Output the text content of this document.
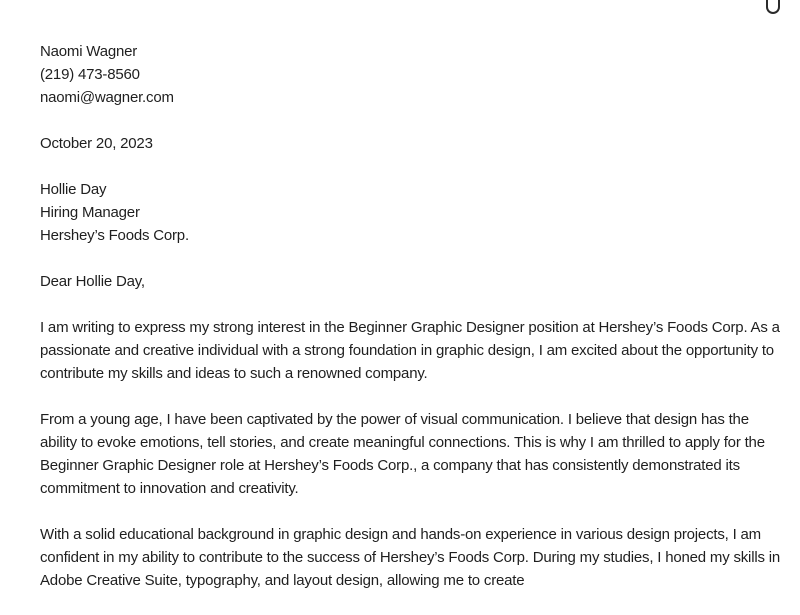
Naomi Wagner
(219) 473-8560
naomi@wagner.com
October 20, 2023
Hollie Day
Hiring Manager
Hershey’s Foods Corp.
Dear Hollie Day,

I am writing to express my strong interest in the Beginner Graphic Designer position at Hershey’s Foods Corp. As a passionate and creative individual with a strong foundation in graphic design, I am excited about the opportunity to contribute my skills and ideas to such a renowned company.

From a young age, I have been captivated by the power of visual communication. I believe that design has the ability to evoke emotions, tell stories, and create meaningful connections. This is why I am thrilled to apply for the Beginner Graphic Designer role at Hershey’s Foods Corp., a company that has consistently demonstrated its commitment to innovation and creativity.

With a solid educational background in graphic design and hands-on experience in various design projects, I am confident in my ability to contribute to the success of Hershey’s Foods Corp. During my studies, I honed my skills in Adobe Creative Suite, typography, and layout design, allowing me to create
